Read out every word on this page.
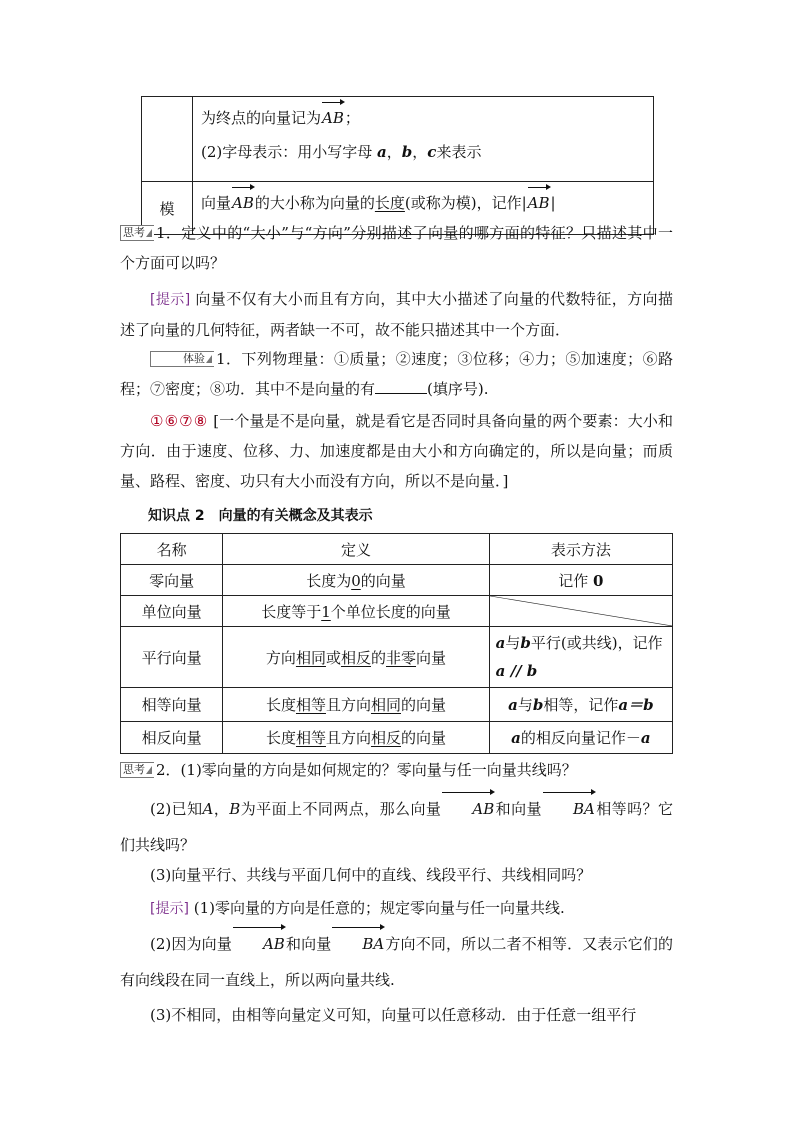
	为终点的向量记为AB；
(2)字母表示：用小写字母 a，b，c来表示

模	向量AB的大小称为向量的长度(或称为模)，记作|AB|
思考 1．定义中的“大小”与“方向”分别描述了向量的哪方面的特征？只描述其中一个方面可以吗？
[提示] 向量不仅有大小而且有方向，其中大小描述了向量的代数特征，方向描述了向量的几何特征，两者缺一不可，故不能只描述其中一个方面．
体验 1．下列物理量：①质量；②速度；③位移；④力；⑤加速度；⑥路程；⑦密度；⑧功．其中不是向量的有	(填序号).
①⑥⑦⑧ [一个量是不是向量，就是看它是否同时具备向量的两个要素：大小和方向．由于速度、位移、力、加速度都是由大小和方向确定的，所以是向量；而质量、路程、密度、功只有大小而没有方向，所以不是向量．]
知识点 2　向量的有关概念及其表示
名称	定义	表示方法
零向量	长度为0的向量	记作 0
单位向量	长度等于1个单位长度的向量	

平行向量	方向相同或相反的非零向量	a与b平行(或共线)，记作 a // b
相等向量	长度相等且方向相同的向量	a与b相等，记作a＝b
相反向量	长度相等且方向相反的向量	a的相反向量记作－a
思考 2．(1)零向量的方向是如何规定的？零向量与任一向量共线吗？
(2)已知A，B为平面上不同两点，那么向量 AB和向量 BA相等吗？它们共线吗？
(3)向量平行、共线与平面几何中的直线、线段平行、共线相同吗？
[提示] (1)零向量的方向是任意的；规定零向量与任一向量共线.
(2)因为向量 AB和向量 BA方向不同，所以二者不相等．又表示它们的有向线段在同一直线上，所以两向量共线.
(3)不相同，由相等向量定义可知，向量可以任意移动．由于任意一组平行
